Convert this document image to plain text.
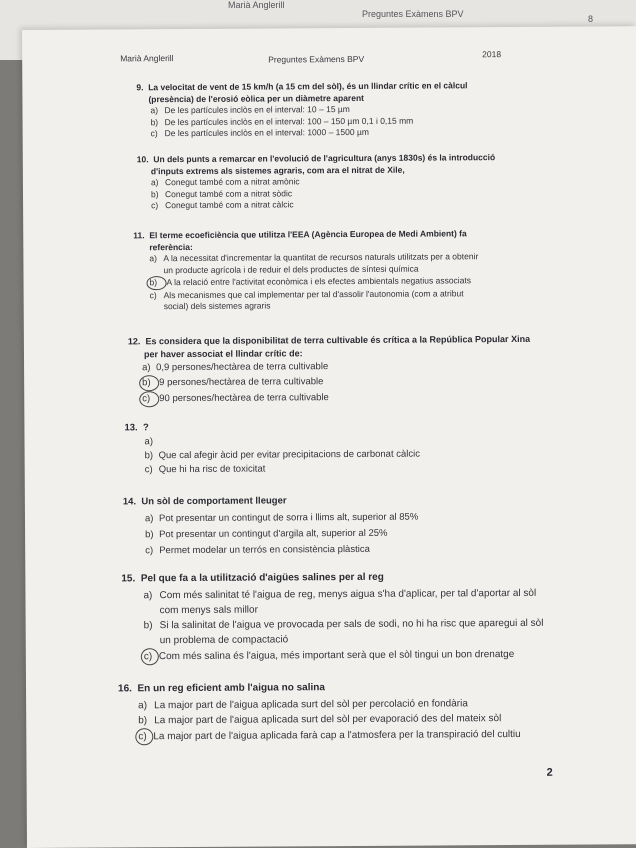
Marià Anglerill
Preguntes Exàmens BPV	8
Marià Anglerill	Preguntes Exàmens BPV	2018
9. La velocitat de vent de 15 km/h (a 15 cm del sòl), és un llindar crític en el càlcul
(presència) de l'erosió eòlica per un diàmetre aparent
a) De les partícules inclòs en el interval: 10 – 15 µm
b) De les partícules inclòs en el interval: 100 – 150 µm 0,1 i 0,15 mm
c) De les partícules inclòs en el interval: 1000 – 1500 µm
10. Un dels punts a remarcar en l'evolució de l'agricultura (anys 1830s) és la introducció
d'inputs extrems als sistemes agraris, com ara el nitrat de Xile,
a) Conegut també com a nitrat amònic
b) Conegut també com a nitrat sòdic
c) Conegut també com a nitrat càlcic
11. El terme ecoeficiència que utilitza l'EEA (Agència Europea de Medi Ambient) fa
referència:
a) A la necessitat d'incrementar la quantitat de recursos naturals utilitzats per a obtenir
un producte agrícola i de reduir el dels productes de síntesi química
b) A la relació entre l'activitat econòmica i els efectes ambientals negatius associats
c) Als mecanismes que cal implementar per tal d'assolir l'autonomia (com a atribut
social) dels sistemes agraris
12. Es considera que la disponibilitat de terra cultivable és crítica a la República Popular Xina
per haver associat el llindar crític de:
a) 0,9 persones/hectàrea de terra cultivable
b) 9 persones/hectàrea de terra cultivable
c) 90 persones/hectàrea de terra cultivable
13. ?
a)
b) Que cal afegir àcid per evitar precipitacions de carbonat càlcic
c) Que hi ha risc de toxicitat
14. Un sòl de comportament lleuger
a) Pot presentar un contingut de sorra i llims alt, superior al 85%
b) Pot presentar un contingut d'argila alt, superior al 25%
c) Permet modelar un terrós en consistència plàstica
15. Pel que fa a la utilització d'aigües salines per al reg
a) Com més salinitat té l'aigua de reg, menys aigua s'ha d'aplicar, per tal d'aportar al sòl
com menys sals millor
b) Si la salinitat de l'aigua ve provocada per sals de sodi, no hi ha risc que aparegui al sòl
un problema de compactació
c) Com més salina és l'aigua, més important serà que el sòl tingui un bon drenatge
16. En un reg eficient amb l'aigua no salina
a) La major part de l'aigua aplicada surt del sòl per percolació en fondària
b) La major part de l'aigua aplicada surt del sòl per evaporació des del mateix sòl
c) La major part de l'aigua aplicada farà cap a l'atmosfera per la transpiració del cultiu
2
